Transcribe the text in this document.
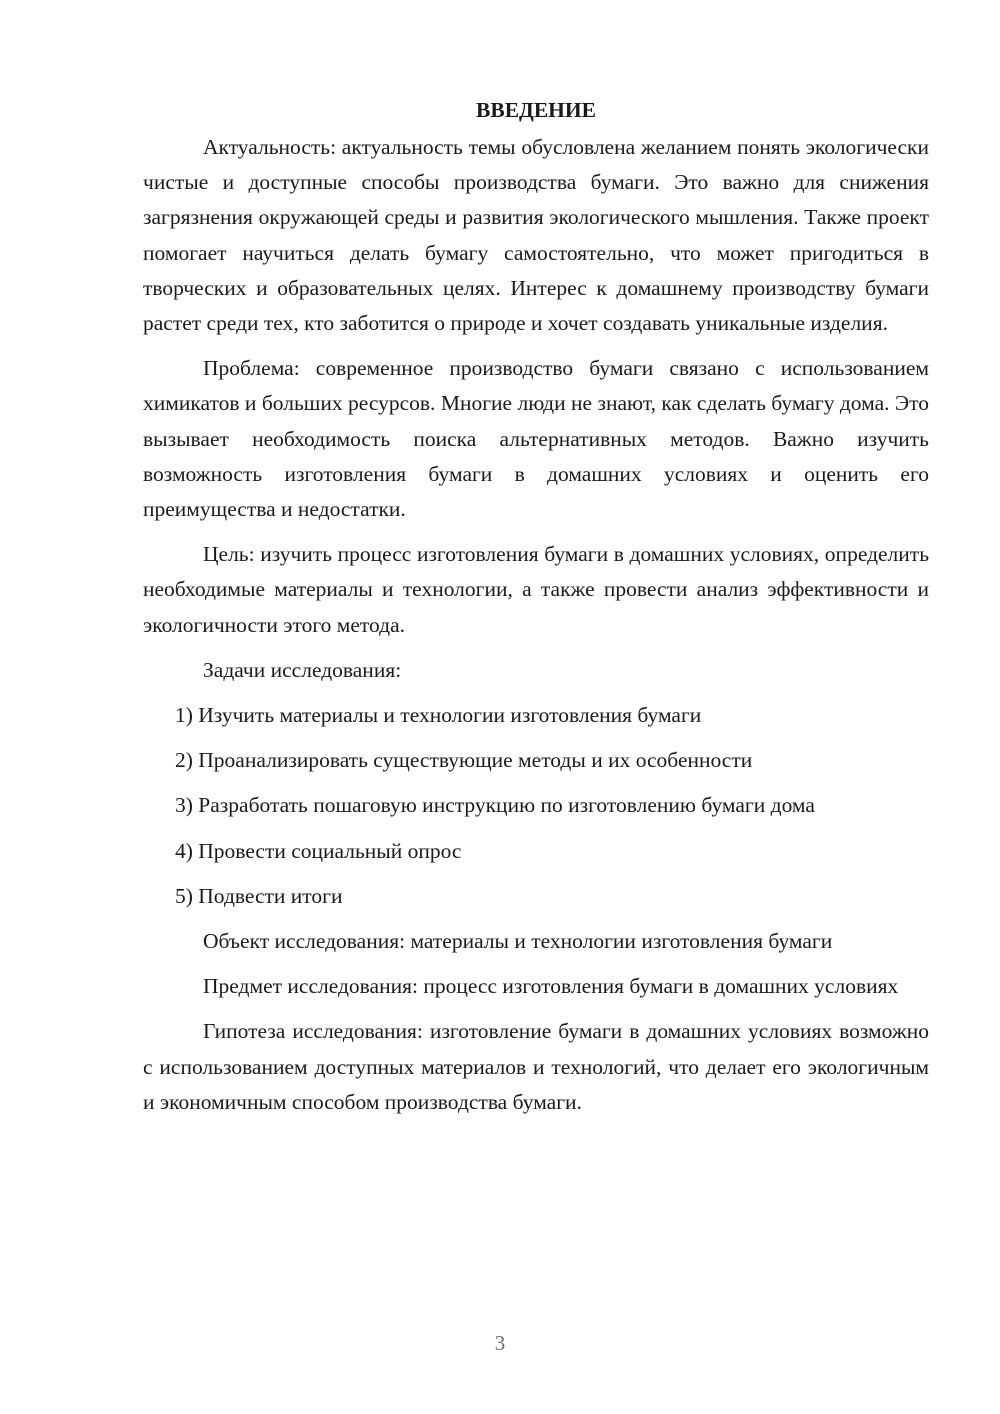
ВВЕДЕНИЕ

Актуальность: актуальность темы обусловлена желанием понять экологически чистые и доступные способы производства бумаги. Это важно для снижения загрязнения окружающей среды и развития экологического мышления. Также проект помогает научиться делать бумагу самостоятельно, что может пригодиться в творческих и образовательных целях. Интерес к домашнему производству бумаги растет среди тех, кто заботится о природе и хочет создавать уникальные изделия.

Проблема: современное производство бумаги связано с использованием химикатов и больших ресурсов. Многие люди не знают, как сделать бумагу дома. Это вызывает необходимость поиска альтернативных методов. Важно изучить возможность изготовления бумаги в домашних условиях и оценить его преимущества и недостатки.

Цель: изучить процесс изготовления бумаги в домашних условиях, определить необходимые материалы и технологии, а также провести анализ эффективности и экологичности этого метода.

Задачи исследования:

1) Изучить материалы и технологии изготовления бумаги
2) Проанализировать существующие методы и их особенности
3) Разработать пошаговую инструкцию по изготовлению бумаги дома
4) Провести социальный опрос
5) Подвести итоги

Объект исследования: материалы и технологии изготовления бумаги

Предмет исследования: процесс изготовления бумаги в домашних условиях

Гипотеза исследования: изготовление бумаги в домашних условиях возможно с использованием доступных материалов и технологий, что делает его экологичным и экономичным способом производства бумаги.

3
